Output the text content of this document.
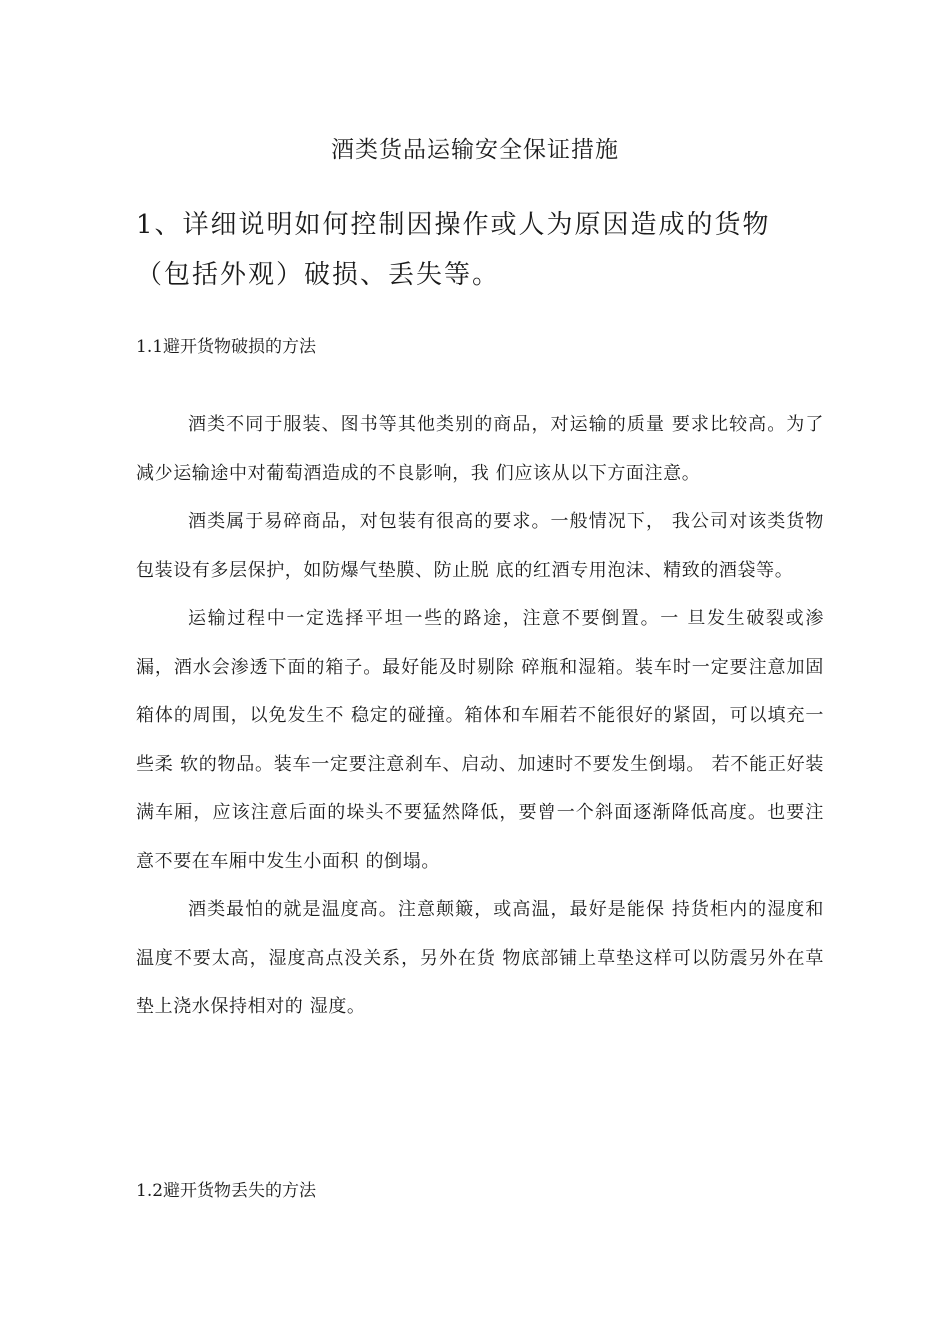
酒类货品运输安全保证措施
1、详细说明如何控制因操作或人为原因造成的货物（包括外观）破损、丢失等。
1.1避开货物破损的方法

酒类不同于服装、图书等其他类别的商品，对运输的质量 要求比较高。为了减少运输途中对葡萄酒造成的不良影响，我 们应该从以下方面注意。

酒类属于易碎商品，对包装有很高的要求。一般情况下， 我公司对该类货物包装设有多层保护，如防爆气垫膜、防止脱 底的红酒专用泡沫、精致的酒袋等。

运输过程中一定选择平坦一些的路途，注意不要倒置。一 旦发生破裂或渗漏，酒水会渗透下面的箱子。最好能及时剔除 碎瓶和湿箱。装车时一定要注意加固箱体的周围，以免发生不 稳定的碰撞。箱体和车厢若不能很好的紧固，可以填充一些柔 软的物品。装车一定要注意刹车、启动、加速时不要发生倒塌。 若不能正好装满车厢，应该注意后面的垛头不要猛然降低，要曾一个斜面逐渐降低高度。也要注意不要在车厢中发生小面积 的倒塌。

酒类最怕的就是温度高。注意颠簸，或高温，最好是能保 持货柜内的湿度和温度不要太高，湿度高点没关系，另外在货 物底部铺上草垫这样可以防震另外在草垫上浇水保持相对的 湿度。

1.2避开货物丢失的方法
